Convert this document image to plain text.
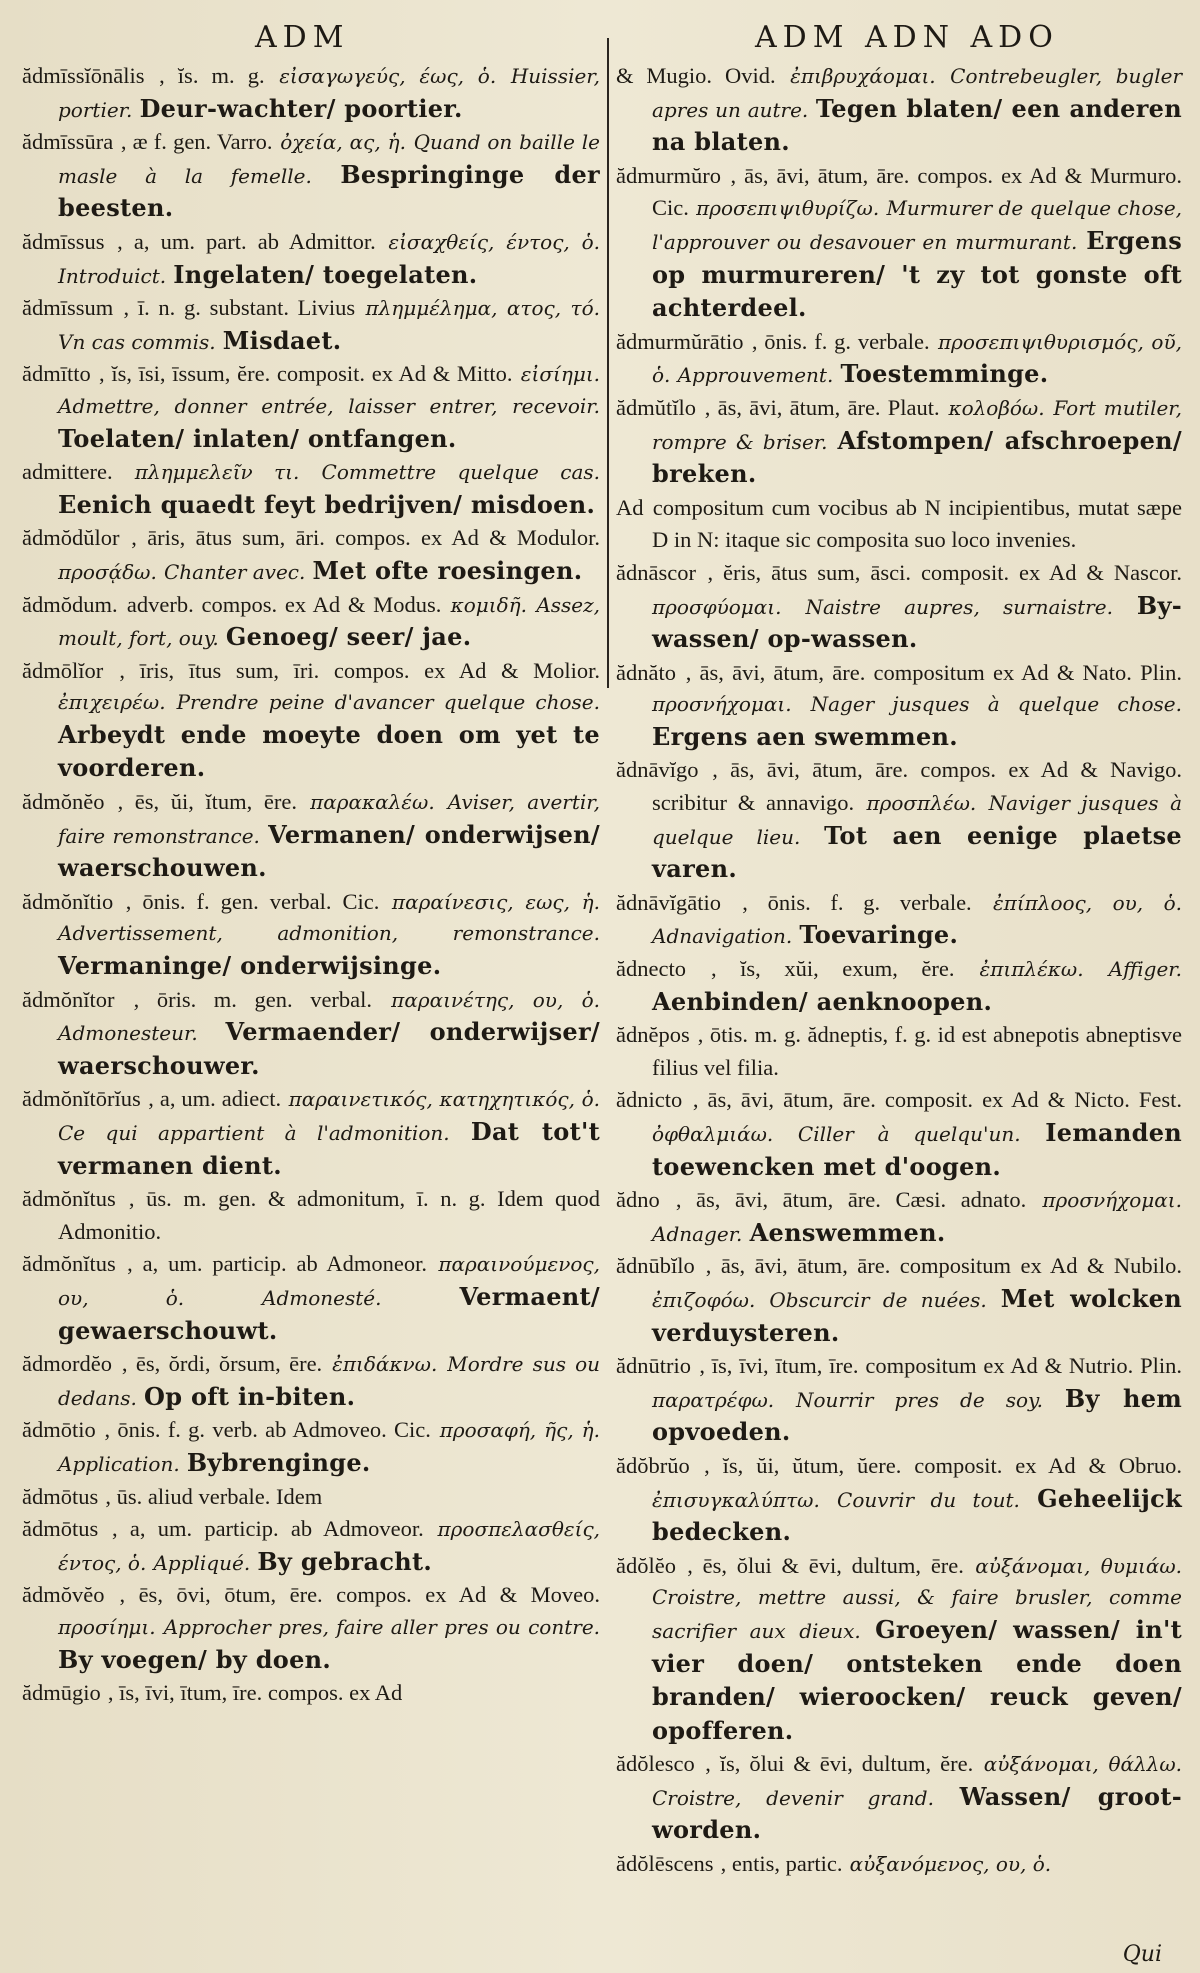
ADM	ADM ADN ADO
ădmīssĭōnālis , ĭs. m. g. εἰσαγωγεύς, έως, ὁ. Huissier, portier. Deur-wachter/ poortier.
ădmīssūra , æ f. gen. Varro. ὀχεία, ας, ἡ. Quand on baille le masle à la femelle. Bespringinge der beesten.
ădmīssus , a, um. part. ab Admittor. εἰσαχθείς, έντος, ὁ. Introduict. Ingelaten/ toegelaten.
ădmīssum , ī. n. g. substant. Livius πλημμέλημα, ατος, τό. Vn cas commis. Misdaet.
ădmītto , ĭs, īsi, īssum, ĕre. composit. ex Ad & Mitto. εἰσίημι. Admettre, donner entrée, laisser entrer, recevoir. Toelaten/ inlaten/ ontfangen.
admittere. πλημμελεῖν τι. Commettre quelque cas. Eenich quaedt feyt bedrijven/ misdoen.
ădmŏdŭlor , āris, ātus sum, āri. compos. ex Ad & Modulor. προσᾴδω. Chanter avec. Met ofte roesingen.
ădmŏdum. adverb. compos. ex Ad & Modus. κομιδῆ. Assez, moult, fort, ouy. Genoeg/ seer/ jae.
ădmōlĭor , īris, ītus sum, īri. compos. ex Ad & Molior. ἐπιχειρέω. Prendre peine d'avancer quelque chose. Arbeydt ende moeyte doen om yet te voorderen.
ădmŏnĕo , ēs, ŭi, ĭtum, ēre. παρακαλέω. Aviser, avertir, faire remonstrance. Vermanen/ onderwijsen/ waerschouwen.
ădmŏnĭtio , ōnis. f. gen. verbal. Cic. παραίνεσις, εως, ἡ. Advertissement, admonition, remonstrance. Vermaninge/ onderwijsinge.
ădmŏnĭtor , ōris. m. gen. verbal. παραινέτης, ου, ὁ. Admonesteur. Vermaender/ onderwijser/ waerschouwer.
ădmŏnĭtōrĭus , a, um. adiect. παραινετικός, κατηχητικός, ὁ. Ce qui appartient à l'admonition. Dat tot't vermanen dient.
ădmŏnĭtus , ūs. m. gen. & admonitum, ī. n. g. Idem quod Admonitio.
ădmŏnĭtus , a, um. particip. ab Admoneor. παραινούμενος, ου, ὁ.	Admonesté.	Vermaent/ gewaerschouwt.
ădmordĕo , ēs, ŏrdi, ŏrsum, ēre. ἐπιδάκνω. Mordre sus ou dedans. Op oft in-biten.
ădmōtio , ōnis. f. g. verb. ab Admoveo. Cic. προσαφή, ῆς, ἡ. Application. Bybrenginge.
ădmōtus , ūs. aliud verbale. Idem
ădmōtus , a, um. particip. ab Admoveor. προσπελασθείς, έντος, ὁ. Appliqué. By gebracht.
ădmŏvĕo , ēs, ōvi, ōtum, ēre. compos. ex Ad & Moveo. προσίημι. Approcher pres, faire aller pres ou contre. By voegen/ by doen.
ădmūgio , īs, īvi, ītum, īre. compos. ex Ad
& Mugio. Ovid. ἐπιβρυχάομαι. Contrebeugler, bugler apres un autre. Tegen blaten/ een anderen na blaten.
ădmurmŭro , ās, āvi, ātum, āre. compos. ex Ad & Murmuro. Cic. προσεπιψιθυρίζω. Murmurer de quelque chose, l'approuver ou desavouer en murmurant. Ergens op murmureren/ 't zy tot gonste oft achterdeel.
ădmurmŭrātio , ōnis. f. g. verbale. προσεπιψιθυρισμός, οῦ, ὁ. Approuvement. Toestemminge.
ădmŭtĭlo , ās, āvi, ātum, āre. Plaut. κολοβόω. Fort mutiler, rompre & briser. Afstompen/ afschroepen/ breken.
Ad compositum cum vocibus ab N incipientibus, mutat sæpe D in N: itaque sic composita suo loco invenies.
ădnāscor , ĕris, ātus sum, āsci. composit. ex Ad & Nascor. προσφύομαι. Naistre aupres, surnaistre. By-wassen/ op-wassen.
ădnăto , ās, āvi, ātum, āre. compositum ex Ad & Nato. Plin. προσνήχομαι. Nager jusques à quelque chose. Ergens aen swemmen.
ădnāvĭgo , ās, āvi, ātum, āre. compos. ex Ad & Navigo. scribitur & annavigo. προσπλέω. Naviger jusques à quelque lieu. Tot aen eenige plaetse varen.
ădnāvĭgātio , ōnis. f. g. verbale. ἐπίπλοος, ου, ὁ. Adnavigation. Toevaringe.
ădnecto , ĭs, xŭi, exum, ĕre. ἐπιπλέκω. Affiger. Aenbinden/ aenknoopen.
ădnĕpos , ōtis. m. g. ădneptis, f. g. id est abnepotis abneptisve filius vel filia.
ădnicto , ās, āvi, ātum, āre. composit. ex Ad & Nicto. Fest. ὀφθαλμιάω. Ciller à quelqu'un. Iemanden toewencken met d'oogen.
ădno , ās, āvi, ātum, āre. Cæsi. adnato. προσνήχομαι. Adnager. Aenswemmen.
ădnūbĭlo , ās, āvi, ātum, āre. compositum ex Ad & Nubilo. ἐπιζοφόω. Obscurcir de nuées. Met wolcken verduysteren.
ădnūtrio , īs, īvi, ītum, īre. compositum ex Ad & Nutrio. Plin. παρατρέφω. Nourrir pres de soy. By hem opvoeden.
ădŏbrŭo , ĭs, ŭi, ŭtum, ŭere. composit. ex Ad & Obruo. ἐπισυγκαλύπτω. Couvrir du tout. Geheelijck bedecken.
ădŏlĕo , ēs, ŏlui & ēvi, dultum, ēre. αὐξάνομαι, θυμιάω. Croistre, mettre aussi, & faire brusler, comme sacrifier aux dieux. Groeyen/ wassen/ in't vier doen/ ontsteken ende doen branden/ wieroocken/ reuck geven/ opofferen.
ădŏlesco , ĭs, ŏlui & ēvi, dultum, ĕre. αὐξάνομαι, θάλλω. Croistre, devenir grand. Wassen/ groot-worden.
ădŏlēscens , entis, partic. αὐξανόμενος, ου, ὁ.
Qui
